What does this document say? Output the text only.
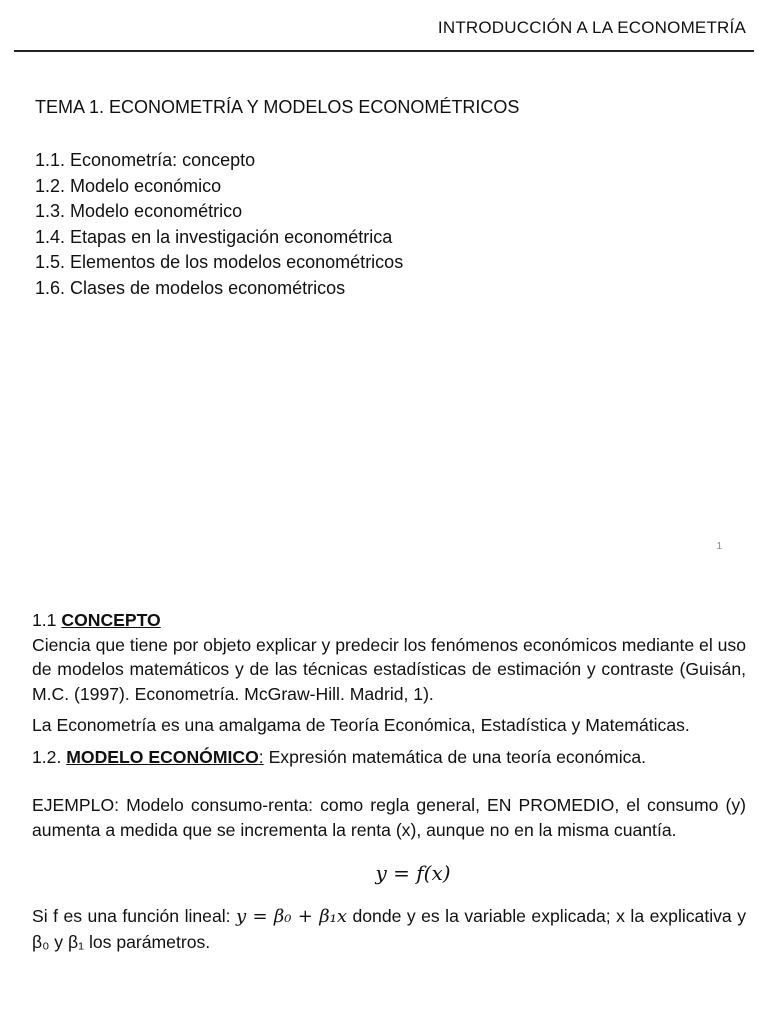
INTRODUCCIÓN A LA ECONOMETRÍA
TEMA 1. ECONOMETRÍA Y MODELOS ECONOMÉTRICOS
1.1. Econometría: concepto
1.2. Modelo económico
1.3. Modelo econométrico
1.4. Etapas en la investigación econométrica
1.5. Elementos de los modelos econométricos
1.6. Clases de modelos econométricos
1

1.1 CONCEPTO

Ciencia que tiene por objeto explicar y predecir los fenómenos económicos mediante el uso de modelos matemáticos y de las técnicas estadísticas de estimación y contraste (Guisán, M.C. (1997). Econometría. McGraw-Hill. Madrid, 1).

La Econometría es una amalgama de Teoría Económica, Estadística y Matemáticas.

1.2. MODELO ECONÓMICO: Expresión matemática de una teoría económica.

EJEMPLO: Modelo consumo-renta: como regla general, EN PROMEDIO, el consumo (y) aumenta a medida que se incrementa la renta (x), aunque no en la misma cuantía.

y = f(x)

Si f es una función lineal: y = β₀ + β₁x donde y es la variable explicada; x la explicativa y β₀ y β₁ los parámetros.
